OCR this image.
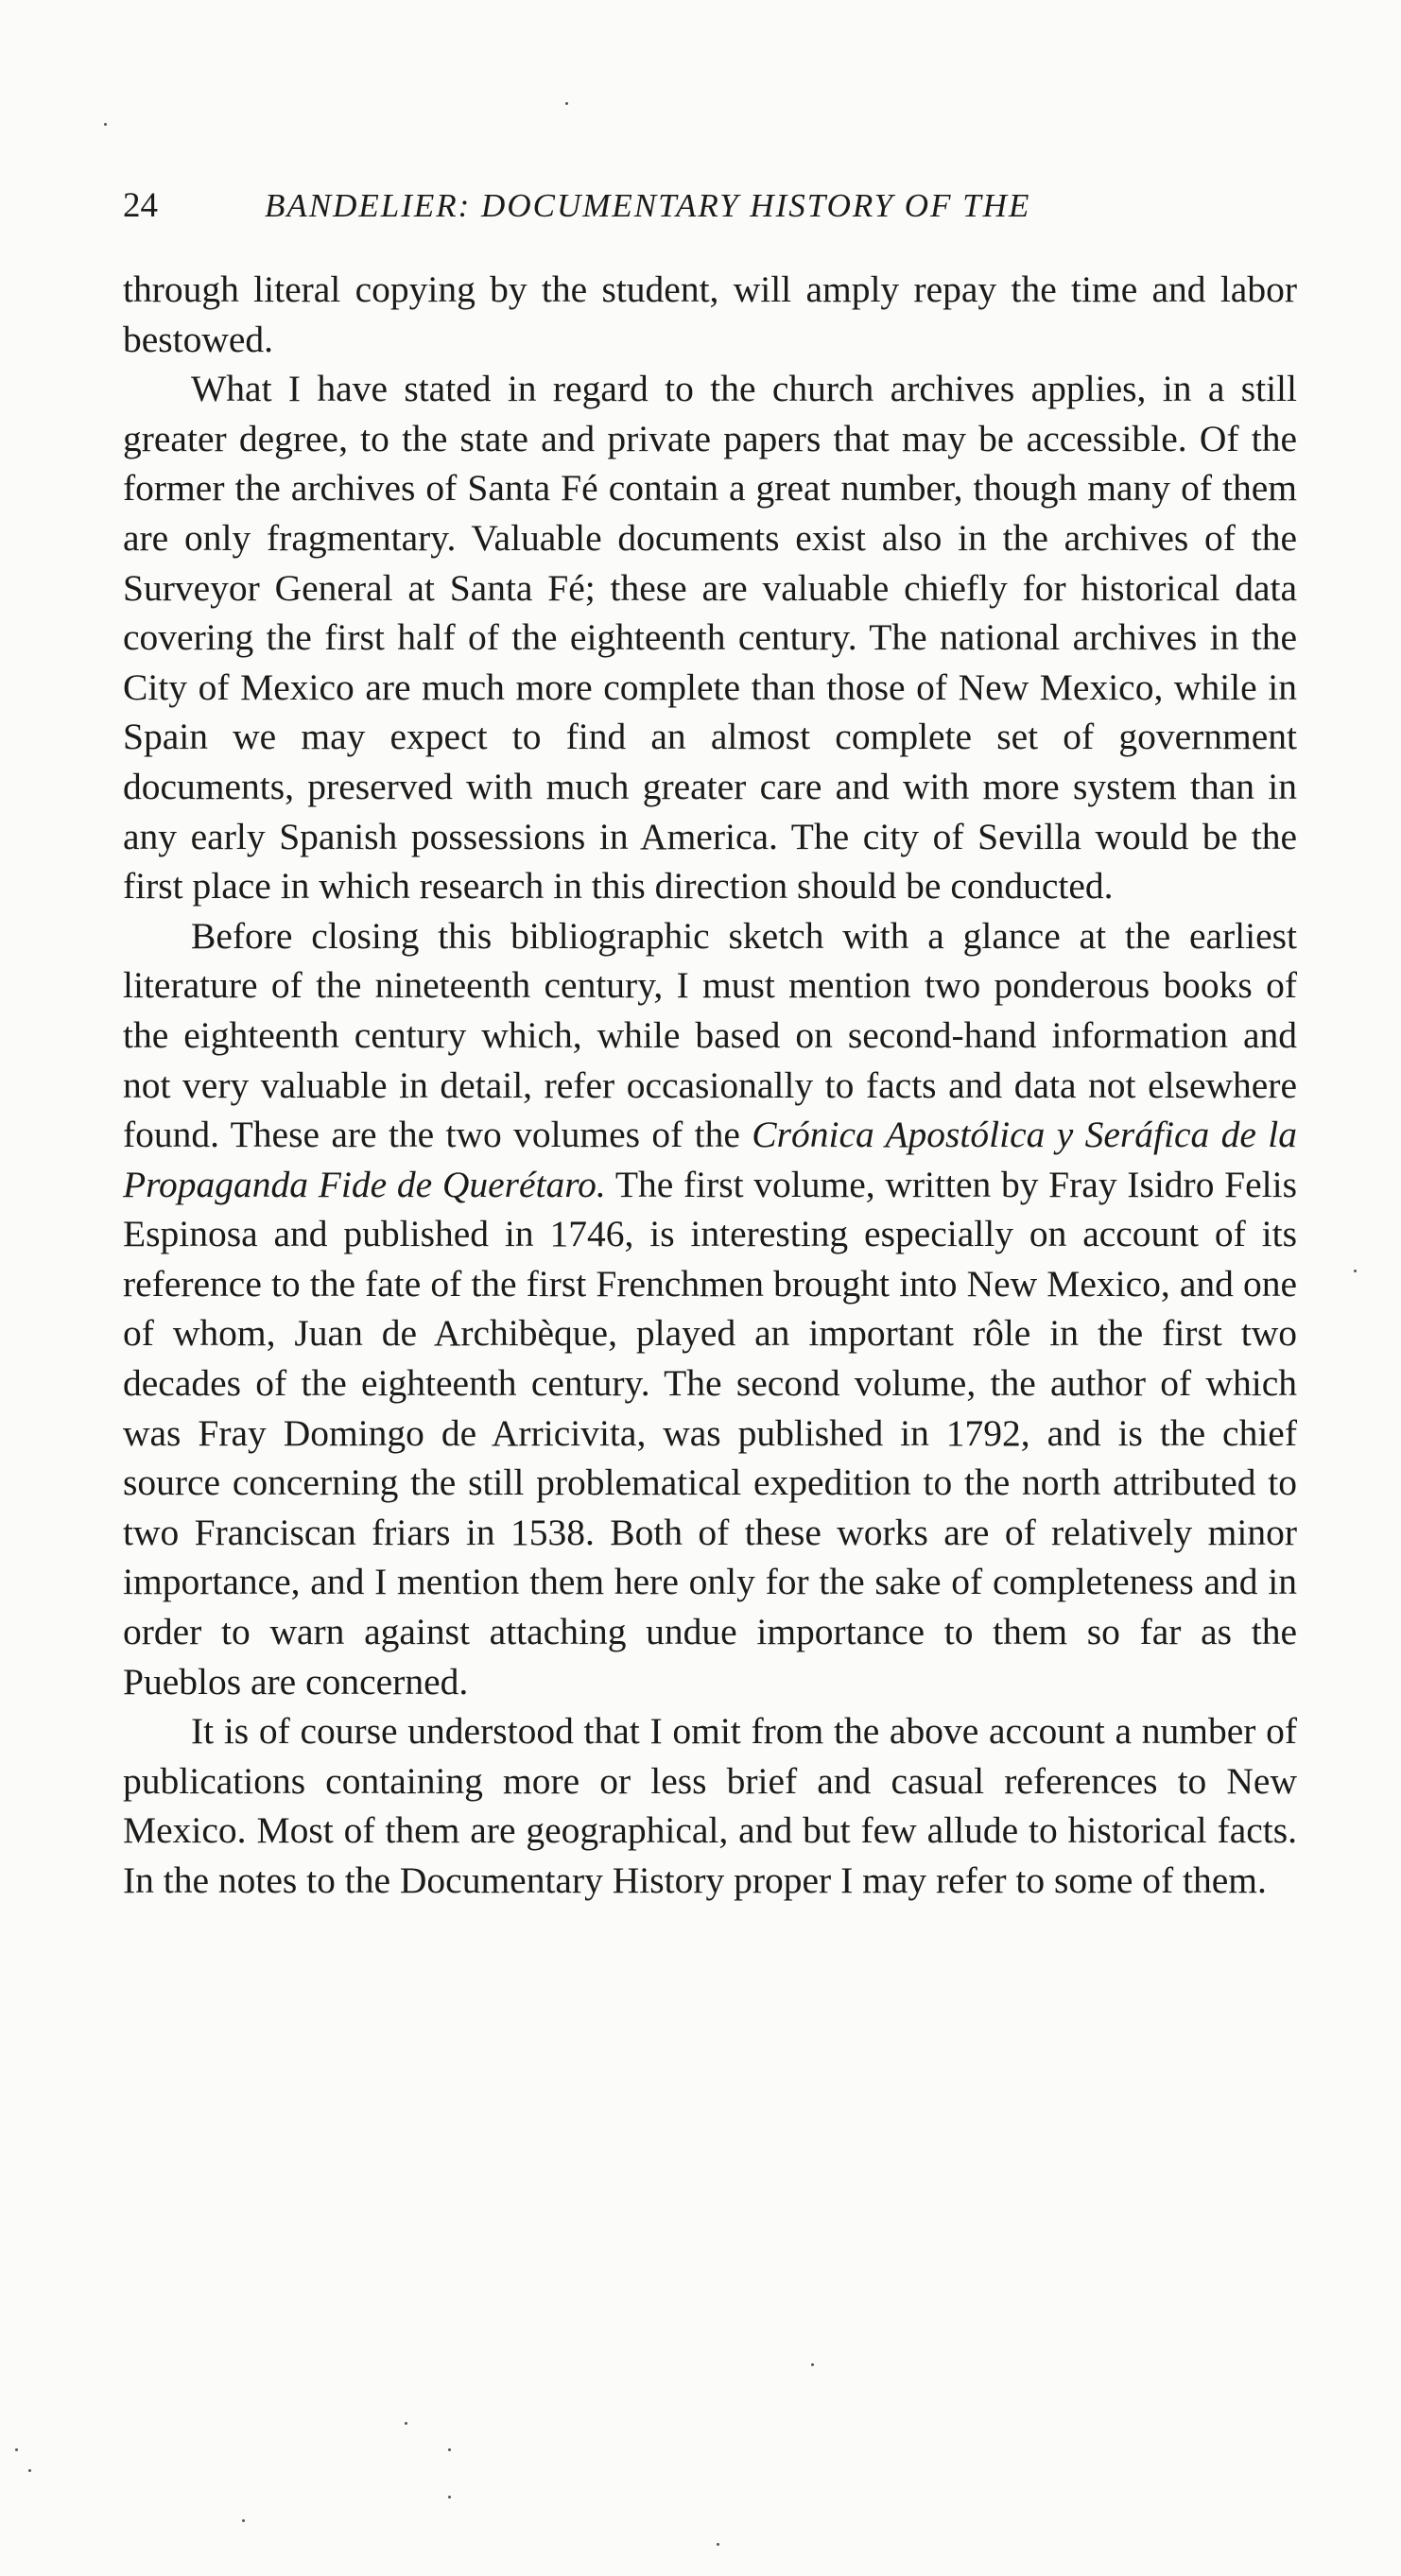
24	BANDELIER: DOCUMENTARY HISTORY OF THE

through literal copying by the student, will amply repay the time and labor bestowed.

What I have stated in regard to the church archives applies, in a still greater degree, to the state and private papers that may be accessible. Of the former the archives of Santa Fé contain a great number, though many of them are only fragmentary. Valuable documents exist also in the archives of the Surveyor General at Santa Fé; these are valuable chiefly for historical data covering the first half of the eighteenth century. The national archives in the City of Mexico are much more complete than those of New Mexico, while in Spain we may expect to find an almost complete set of government documents, preserved with much greater care and with more system than in any early Spanish possessions in America. The city of Sevilla would be the first place in which research in this direction should be conducted.

Before closing this bibliographic sketch with a glance at the earliest literature of the nineteenth century, I must mention two ponderous books of the eighteenth century which, while based on second-hand information and not very valuable in detail, refer occasionally to facts and data not elsewhere found. These are the two volumes of the Crónica Apostólica y Seráfica de la Propaganda Fide de Querétaro. The first volume, written by Fray Isidro Felis Espinosa and published in 1746, is interesting especially on account of its reference to the fate of the first Frenchmen brought into New Mexico, and one of whom, Juan de Archibèque, played an important rôle in the first two decades of the eighteenth century. The second volume, the author of which was Fray Domingo de Arricivita, was published in 1792, and is the chief source concerning the still problematical expedition to the north attributed to two Franciscan friars in 1538. Both of these works are of relatively minor importance, and I mention them here only for the sake of completeness and in order to warn against attaching undue importance to them so far as the Pueblos are concerned.

It is of course understood that I omit from the above account a number of publications containing more or less brief and casual references to New Mexico. Most of them are geographical, and but few allude to historical facts. In the notes to the Documentary History proper I may refer to some of them.
